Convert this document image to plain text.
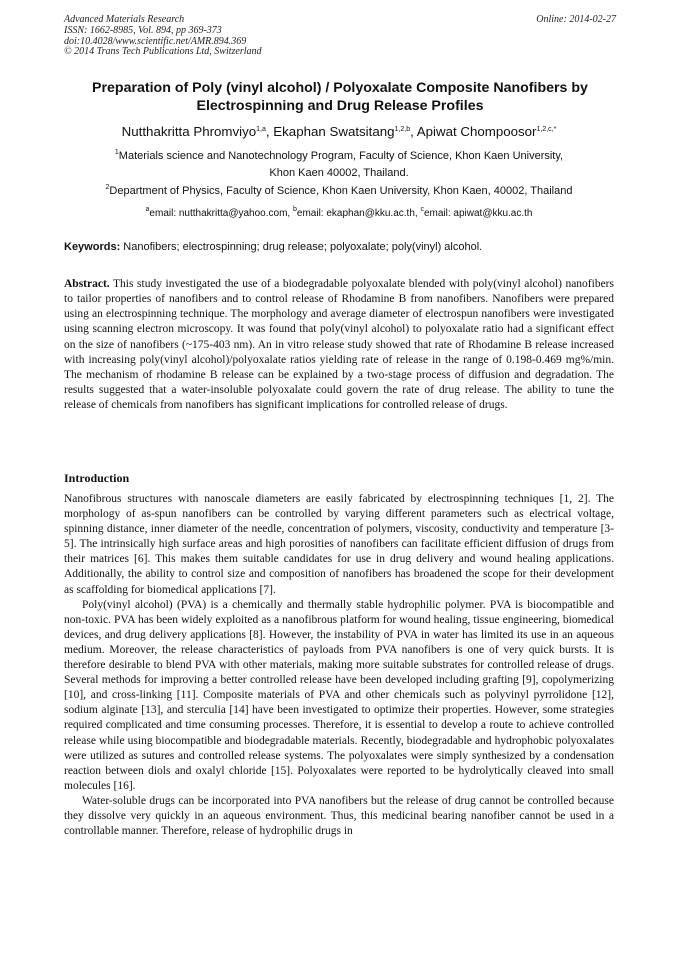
Advanced Materials Research
ISSN: 1662-8985, Vol. 894, pp 369-373
doi:10.4028/www.scientific.net/AMR.894.369
© 2014 Trans Tech Publications Ltd, Switzerland
Online: 2014-02-27
Preparation of Poly (vinyl alcohol) / Polyoxalate Composite Nanofibers by Electrospinning and Drug Release Profiles
Nutthakritta Phromviyo$^{1,a}$, Ekaphan Swatsitang$^{1,2,b}$, Apiwat Chompoosor$^{1,2,c,*}$
$^1$Materials science and Nanotechnology Program, Faculty of Science, Khon Kaen University,
Khon Kaen 40002, Thailand.
$^2$Department of Physics, Faculty of Science, Khon Kaen University, Khon Kaen, 40002, Thailand
$^a$email: nutthakritta@yahoo.com, $^b$email: ekaphan@kku.ac.th, $^c$email: apiwat@kku.ac.th
Keywords: Nanofibers; electrospinning; drug release; polyoxalate; poly(vinyl) alcohol.
Abstract. This study investigated the use of a biodegradable polyoxalate blended with poly(vinyl alcohol) nanofibers to tailor properties of nanofibers and to control release of Rhodamine B from nanofibers. Nanofibers were prepared using an electrospinning technique. The morphology and average diameter of electrospun nanofibers were investigated using scanning electron microscopy. It was found that poly(vinyl alcohol) to polyoxalate ratio had a significant effect on the size of nanofibers (~175-403 nm). An in vitro release study showed that rate of Rhodamine B release increased with increasing poly(vinyl alcohol)/polyoxalate ratios yielding rate of release in the range of 0.198-0.469 mg%/min. The mechanism of rhodamine B release can be explained by a two-stage process of diffusion and degradation. The results suggested that a water-insoluble polyoxalate could govern the rate of drug release. The ability to tune the release of chemicals from nanofibers has significant implications for controlled release of drugs.
Introduction

Nanofibrous structures with nanoscale diameters are easily fabricated by electrospinning techniques [1, 2]. The morphology of as-spun nanofibers can be controlled by varying different parameters such as electrical voltage, spinning distance, inner diameter of the needle, concentration of polymers, viscosity, conductivity and temperature [3-5]. The intrinsically high surface areas and high porosities of nanofibers can facilitate efficient diffusion of drugs from their matrices [6]. This makes them suitable candidates for use in drug delivery and wound healing applications. Additionally, the ability to control size and composition of nanofibers has broadened the scope for their development as scaffolding for biomedical applications [7].

Poly(vinyl alcohol) (PVA) is a chemically and thermally stable hydrophilic polymer. PVA is biocompatible and non-toxic. PVA has been widely exploited as a nanofibrous platform for wound healing, tissue engineering, biomedical devices, and drug delivery applications [8]. However, the instability of PVA in water has limited its use in an aqueous medium. Moreover, the release characteristics of payloads from PVA nanofibers is one of very quick bursts. It is therefore desirable to blend PVA with other materials, making more suitable substrates for controlled release of drugs. Several methods for improving a better controlled release have been developed including grafting [9], copolymerizing [10], and cross-linking [11]. Composite materials of PVA and other chemicals such as polyvinyl pyrrolidone [12], sodium alginate [13], and sterculia [14] have been investigated to optimize their properties. However, some strategies required complicated and time consuming processes. Therefore, it is essential to develop a route to achieve controlled release while using biocompatible and biodegradable materials. Recently, biodegradable and hydrophobic polyoxalates were utilized as sutures and controlled release systems. The polyoxalates were simply synthesized by a condensation reaction between diols and oxalyl chloride [15]. Polyoxalates were reported to be hydrolytically cleaved into small molecules [16].

Water-soluble drugs can be incorporated into PVA nanofibers but the release of drug cannot be controlled because they dissolve very quickly in an aqueous environment. Thus, this medicinal bearing nanofiber cannot be used in a controllable manner. Therefore, release of hydrophilic drugs in
